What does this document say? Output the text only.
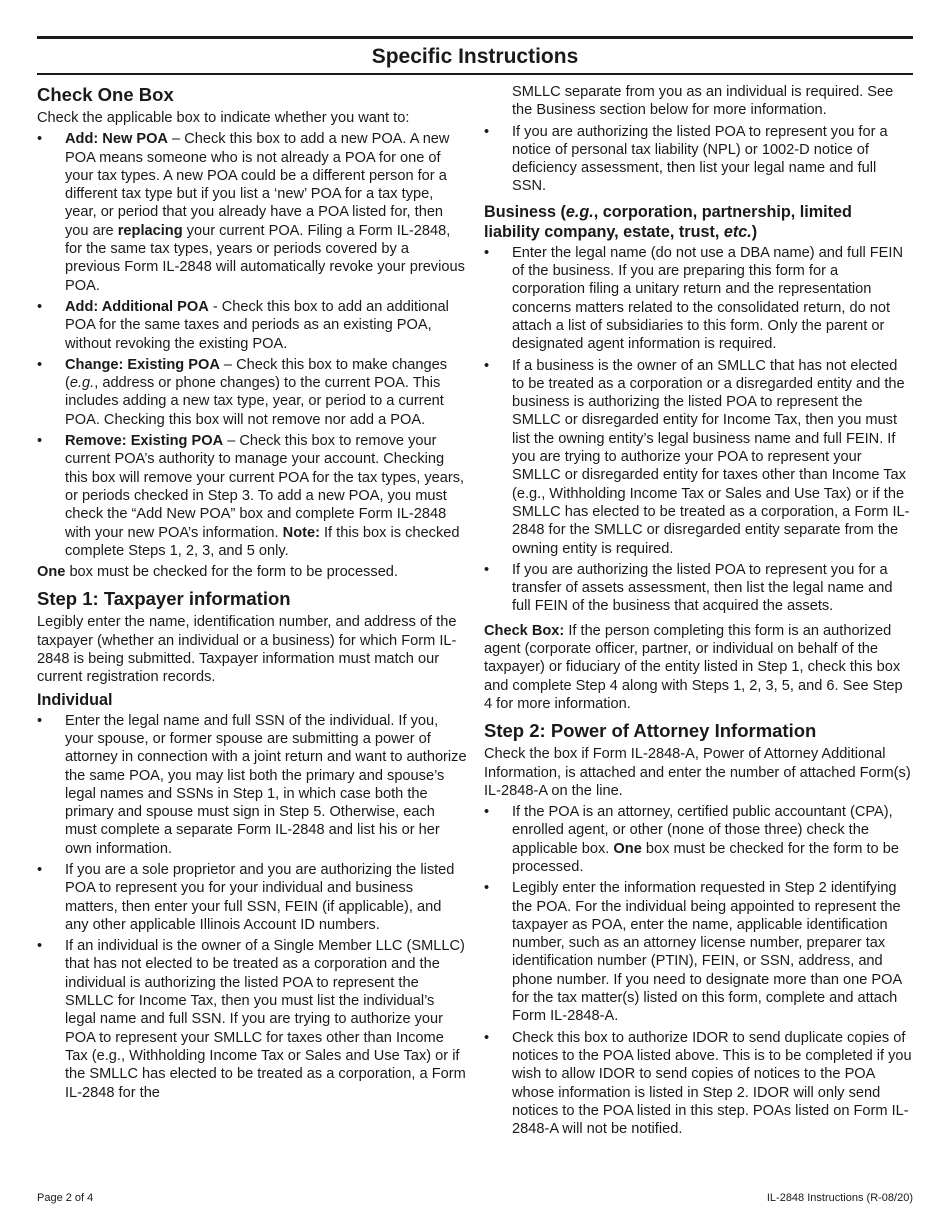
Specific Instructions
Check One Box

Check the applicable box to indicate whether you want to:

• Add: New POA – Check this box to add a new POA. A new POA means someone who is not already a POA for one of your tax types. A new POA could be a different person for a different tax type but if you list a ‘new’ POA for a tax type, year, or period that you already have a POA listed for, then you are replacing your current POA. Filing a Form IL-2848, for the same tax types, years or periods covered by a previous Form IL-2848 will automatically revoke your previous POA.
• Add: Additional POA - Check this box to add an additional POA for the same taxes and periods as an existing POA, without revoking the existing POA.
• Change: Existing POA – Check this box to make changes (e.g., address or phone changes) to the current POA. This includes adding a new tax type, year, or period to a current POA. Checking this box will not remove nor add a POA.
• Remove: Existing POA – Check this box to remove your current POA’s authority to manage your account. Checking this box will remove your current POA for the tax types, years, or periods checked in Step 3. To add a new POA, you must check the “Add New POA” box and complete Form IL-2848 with your new POA’s information. Note: If this box is checked complete Steps 1, 2, 3, and 5 only.

One box must be checked for the form to be processed.

Step 1: Taxpayer information

Legibly enter the name, identification number, and address of the taxpayer (whether an individual or a business) for which Form IL-2848 is being submitted. Taxpayer information must match our current registration records.

Individual
• Enter the legal name and full SSN of the individual. If you, your spouse, or former spouse are submitting a power of attorney in connection with a joint return and want to authorize the same POA, you may list both the primary and spouse’s legal names and SSNs in Step 1, in which case both the primary and spouse must sign in Step 5. Otherwise, each must complete a separate Form IL-2848 and list his or her own information.
• If you are a sole proprietor and you are authorizing the listed POA to represent you for your individual and business matters, then enter your full SSN, FEIN (if applicable), and any other applicable Illinois Account ID numbers.
• If an individual is the owner of a Single Member LLC (SMLLC) that has not elected to be treated as a corporation and the individual is authorizing the listed POA to represent the SMLLC for Income Tax, then you must list the individual’s legal name and full SSN. If you are trying to authorize your POA to represent your SMLLC for taxes other than Income Tax (e.g., Withholding Income Tax or Sales and Use Tax) or if the SMLLC has elected to be treated as a corporation, a Form IL-2848 for the
SMLLC separate from you as an individual is required. See the Business section below for more information.
• If you are authorizing the listed POA to represent you for a notice of personal tax liability (NPL) or 1002-D notice of deficiency assessment, then list your legal name and full SSN.
Business (e.g., corporation, partnership, limited liability company, estate, trust, etc.)
• Enter the legal name (do not use a DBA name) and full FEIN of the business. If you are preparing this form for a corporation filing a unitary return and the representation concerns matters related to the consolidated return, do not attach a list of subsidiaries to this form. Only the parent or designated agent information is required.
• If a business is the owner of an SMLLC that has not elected to be treated as a corporation or a disregarded entity and the business is authorizing the listed POA to represent the SMLLC or disregarded entity for Income Tax, then you must list the owning entity’s legal business name and full FEIN. If you are trying to authorize your POA to represent your SMLLC or disregarded entity for taxes other than Income Tax (e.g., Withholding Income Tax or Sales and Use Tax) or if the SMLLC has elected to be treated as a corporation, a Form IL-2848 for the SMLLC or disregarded entity separate from the owning entity is required.
• If you are authorizing the listed POA to represent you for a transfer of assets assessment, then list the legal name and full FEIN of the business that acquired the assets.

Check Box: If the person completing this form is an authorized agent (corporate officer, partner, or individual on behalf of the taxpayer) or fiduciary of the entity listed in Step 1, check this box and complete Step 4 along with Steps 1, 2, 3, 5, and 6. See Step 4 for more information.

Step 2: Power of Attorney Information

Check the box if Form IL-2848-A, Power of Attorney Additional Information, is attached and enter the number of attached Form(s) IL-2848-A on the line.

• If the POA is an attorney, certified public accountant (CPA), enrolled agent, or other (none of those three) check the applicable box. One box must be checked for the form to be processed.
• Legibly enter the information requested in Step 2 identifying the POA. For the individual being appointed to represent the taxpayer as POA, enter the name, applicable identification number, such as an attorney license number, preparer tax identification number (PTIN), FEIN, or SSN, address, and phone number. If you need to designate more than one POA for the tax matter(s) listed on this form, complete and attach Form IL-2848-A.
• Check this box to authorize IDOR to send duplicate copies of notices to the POA listed above. This is to be completed if you wish to allow IDOR to send copies of notices to the POA whose information is listed in Step 2. IDOR will only send notices to the POA listed in this step. POAs listed on Form IL-2848-A will not be notified.
Page 2 of 4	IL-2848 Instructions (R-08/20)
